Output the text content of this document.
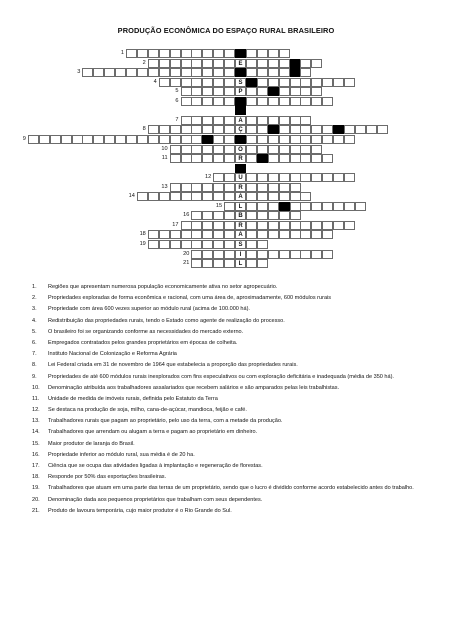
PRODUÇÃO ECONÔMICA DO ESPAÇO RURAL BRASILEIRO
1
E
2
3
S
4
P
5
6
A
7
Ç
8
9
O
10
R
11
U
12
R
13
A
14
L
15
B
16
R
17
A
18
S
19
I
20
L
21
1. Regiões que apresentam numerosa população economicamente ativa no setor agropecuário.
2. Propriedades exploradas de forma econômica e racional, com uma área de, aproximadamente, 600 módulos rurais
3. Propriedade com área 600 vezes superior ao módulo rural (acima de 100.000 há).
4. Redistribuição das propriedades rurais, tendo o Estado como agente de realização do processo.
5. O brasileiro foi se organizando conforme as necessidades do mercado externo.
6. Empregados contratados pelos grandes proprietários em épocas de colheita.
7. Instituto Nacional de Colonização e Reforma Agrária
8. Lei Federal criada em 31 de novembro de 1964 que estabelecia a proporção das propriedades rurais.
9. Propriedades de até 600 módulos rurais inexplorados com fins especulativos ou com exploração deficitária e inadequada (média de 350 há).
10. Denominação atribuída aos trabalhadores assalariados que recebem salários e são amparados pelas leis trabalhistas.
11. Unidade de medida de imóveis rurais, definida pelo Estatuto da Terra
12. Se destaca na produção de soja, milho, cana-de-açúcar, mandioca, feijão e café.
13. Trabalhadores rurais que pagam ao proprietário, pelo uso da terra, com a metade da produção.
14. Trabalhadores que arrendam ou alugam a terra e pagam ao proprietário em dinheiro.
15. Maior produtor de laranja do Brasil.
16. Propriedade inferior ao módulo rural, sua média é de 20 ha.
17. Ciência que se ocupa das atividades ligadas à implantação e regeneração de florestas.
18. Responde por 50% das exportações brasileiras.
19. Trabalhadores que atuam em uma parte das terras de um proprietário, sendo que o lucro é dividido conforme acordo estabelecido antes do trabalho.
20. Denominação dada aos pequenos proprietários que trabalham com seus dependentes.
21. Produto de lavoura temporária, cujo maior produtor é o Rio Grande do Sul.
